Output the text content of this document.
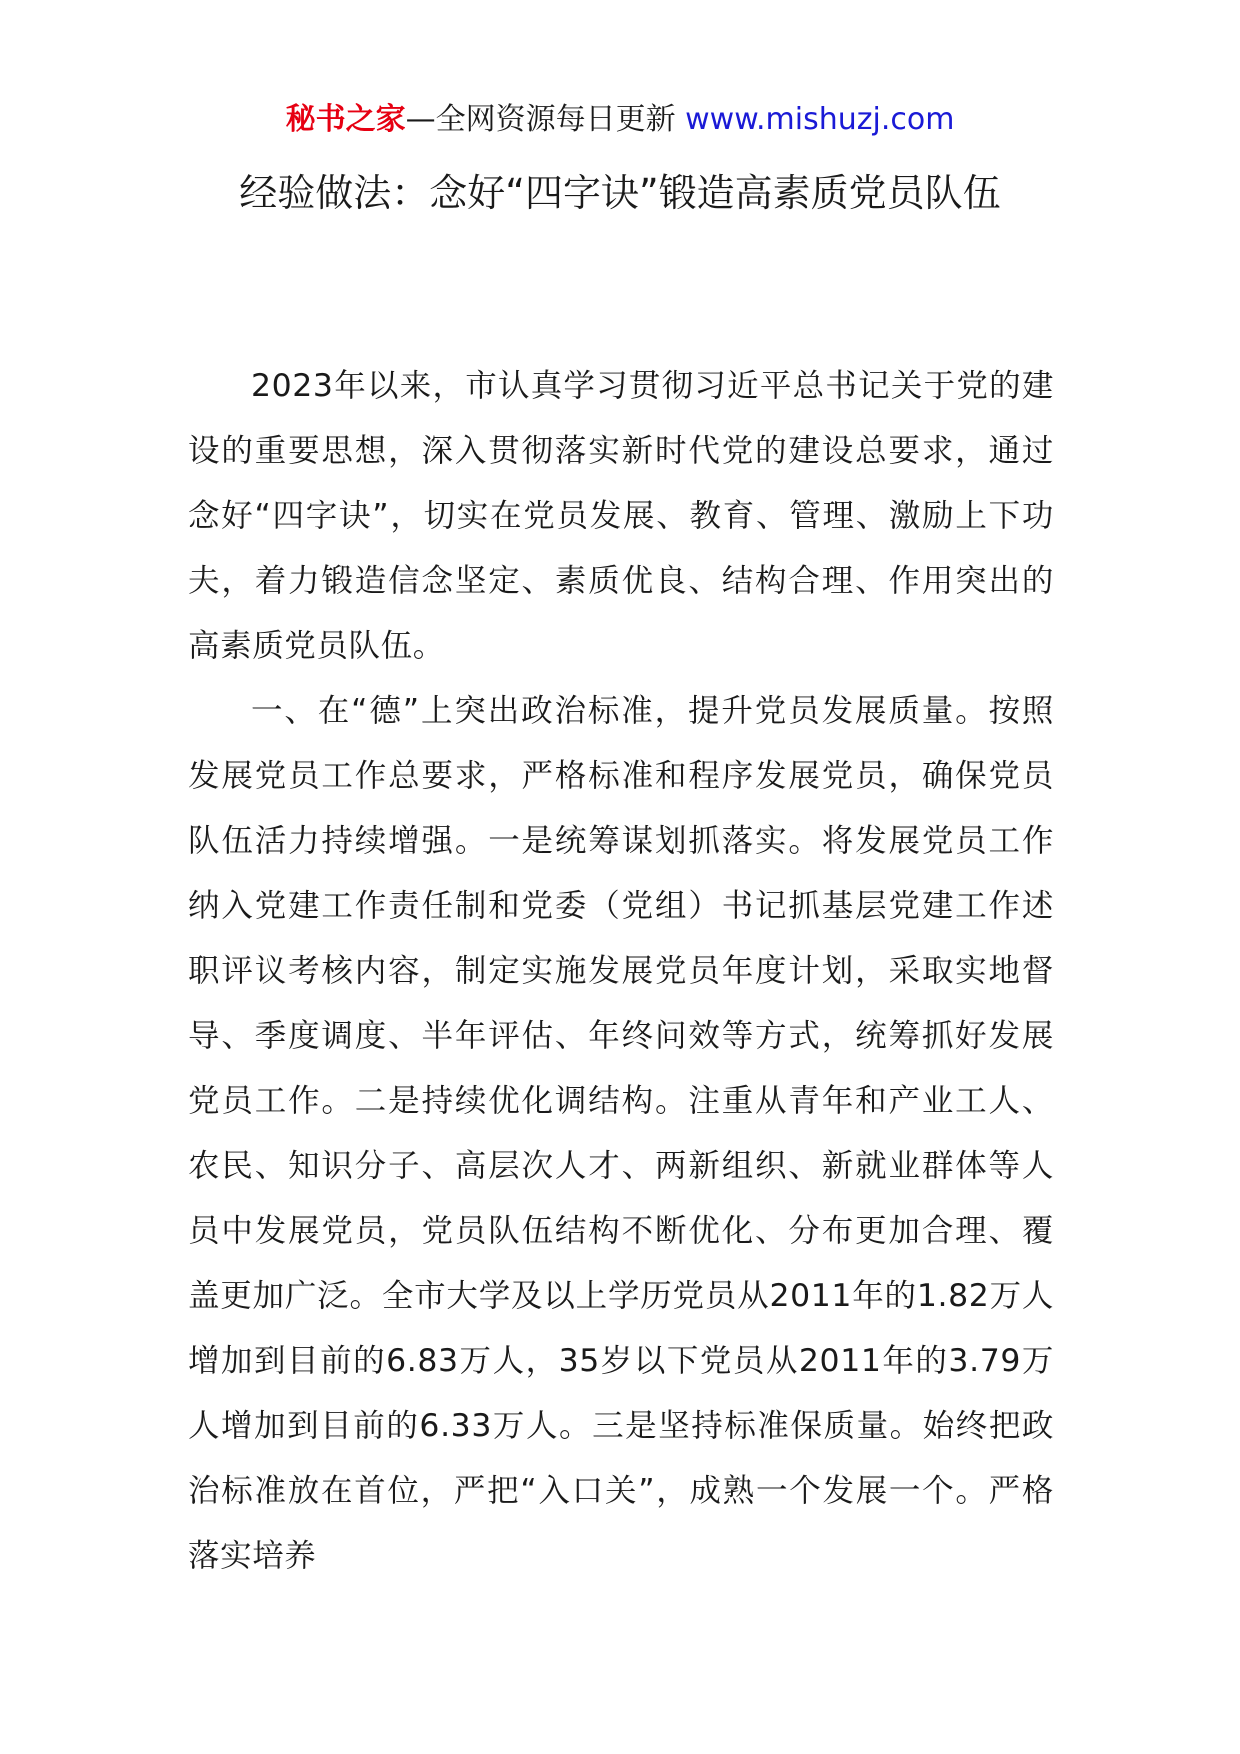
秘书之家—全网资源每日更新 www.mishuzj.com
经验做法：念好“四字诀”锻造高素质党员队伍

2023年以来，市认真学习贯彻习近平总书记关于党的建设的重要思想，深入贯彻落实新时代党的建设总要求，通过念好“四字诀”，切实在党员发展、教育、管理、激励上下功夫，着力锻造信念坚定、素质优良、结构合理、作用突出的高素质党员队伍。

一、在“德”上突出政治标准，提升党员发展质量。按照发展党员工作总要求，严格标准和程序发展党员，确保党员队伍活力持续增强。一是统筹谋划抓落实。将发展党员工作纳入党建工作责任制和党委（党组）书记抓基层党建工作述职评议考核内容，制定实施发展党员年度计划，采取实地督导、季度调度、半年评估、年终问效等方式，统筹抓好发展党员工作。二是持续优化调结构。注重从青年和产业工人、农民、知识分子、高层次人才、两新组织、新就业群体等人员中发展党员，党员队伍结构不断优化、分布更加合理、覆盖更加广泛。全市大学及以上学历党员从2011年的1.82万人增加到目前的6.83万人，35岁以下党员从2011年的3.79万人增加到目前的6.33万人。三是坚持标准保质量。始终把政治标准放在首位，严把“入口关”，成熟一个发展一个。严格落实培养
